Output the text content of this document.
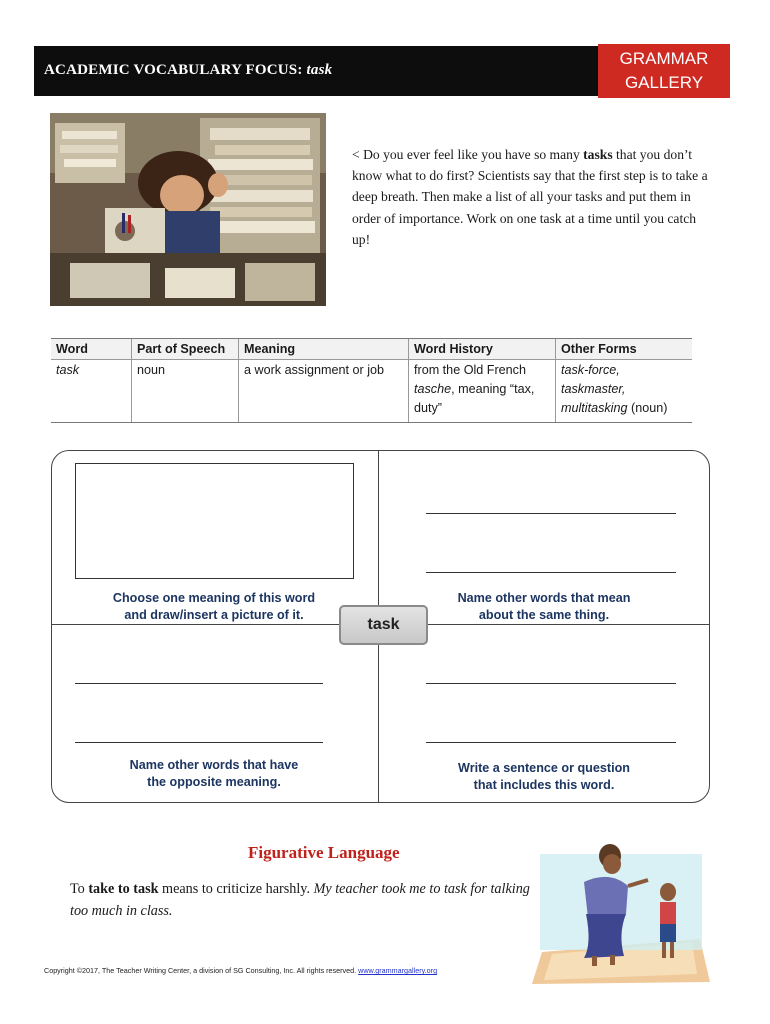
ACADEMIC VOCABULARY FOCUS: task
GRAMMAR
GALLERY
< Do you ever feel like you have so many tasks that you don’t know what to do first? Scientists say that the first step is to take a deep breath. Then make a list of all your tasks and put them in order of importance. Work on one task at a time until you catch up!
Word	Part of Speech	Meaning	Word History	Other Forms
task	noun	a work assignment or job	from the Old French tasche, meaning “tax, duty”	task-force, taskmaster, multitasking (noun)
Choose one meaning of this word
and draw/insert a picture of it.
Name other words that mean
about the same thing.
Name other words that have
the opposite meaning.
Write a sentence or question
that includes this word.
task
Figurative Language
To take to task means to criticize harshly. My teacher took me to task for talking too much in class.
Copyright ©2017, The Teacher Writing Center, a division of SG Consulting, Inc. All rights reserved. www.grammargallery.org
